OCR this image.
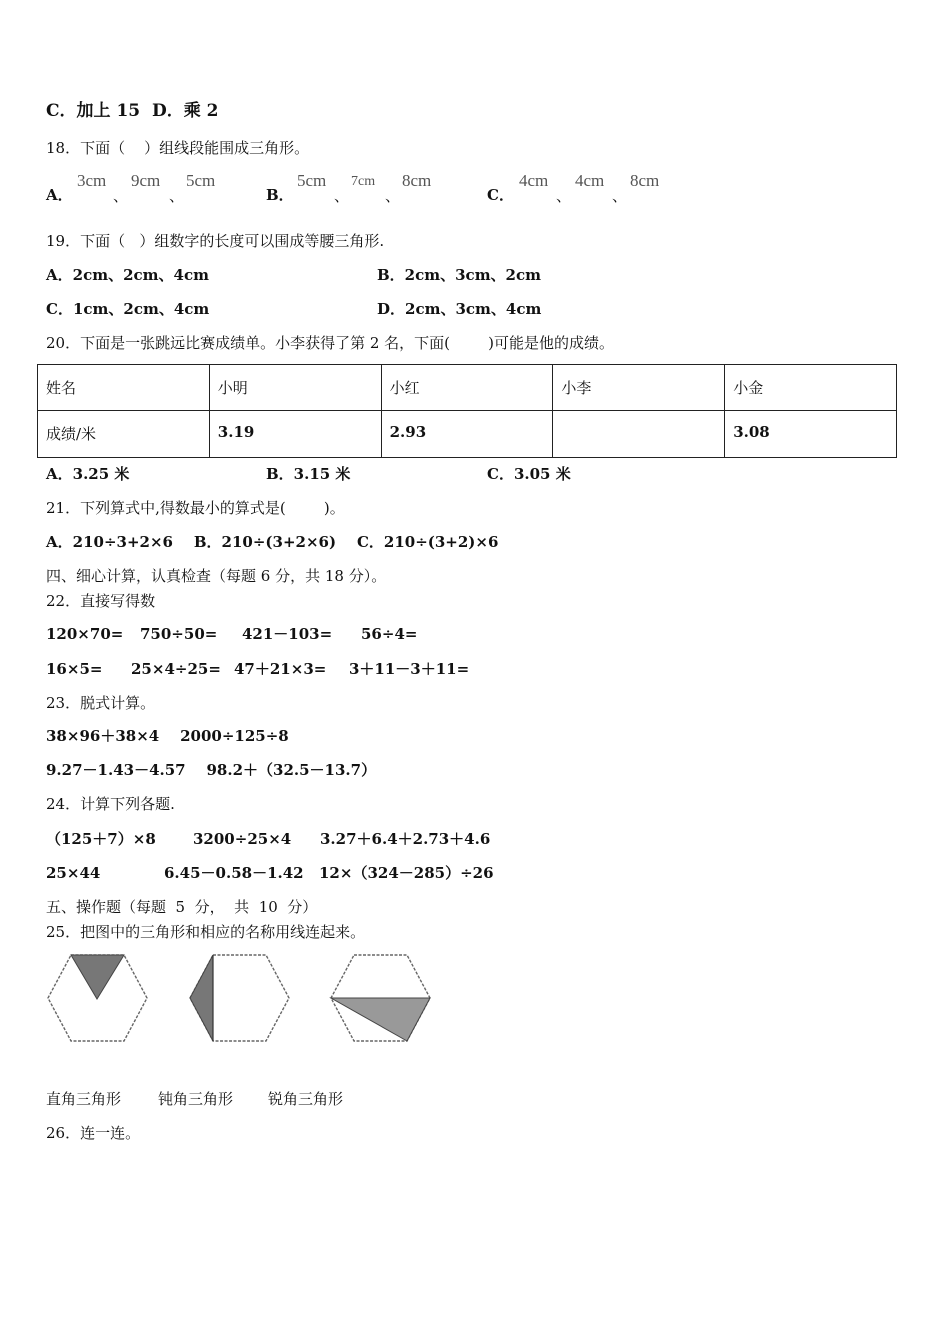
C．加上 15 D．乘 2
18．下面（    ）组线段能围成三角形。
A．
3cm
、
9cm
、
5cm
B．
5cm
、
7cm
、
8cm
C．
4cm
、
4cm
、
8cm
19．下面（   ）组数字的长度可以围成等腰三角形.
A．2cm、2cm、4cm	B．2cm、3cm、2cm
C．1cm、2cm、4cm	D．2cm、3cm、4cm
20．下面是一张跳远比赛成绩单。小李获得了第 2 名，下面(        )可能是他的成绩。
姓名	小明	小红	小李	小金
成绩/米	3.19	2.93		3.08
A．3.25 米	B．3.15 米	C．3.05 米
21．下列算式中,得数最小的算式是(        )。
A．210÷3+2×6    B．210÷(3+2×6)    C．210÷(3+2)×6
四、细心计算，认真检查（每题 6 分，共 18 分）。
22．直接写得数
120×70= 750÷50= 421－103= 56÷4=
16×5= 25×4÷25= 47＋21×3= 3＋11－3＋11=
23．脱式计算。
38×96＋38×4    2000÷125÷8
9.27－1.43－4.57    98.2＋（32.5－13.7）
24．计算下列各题.
（125＋7）×8 3200÷25×4 3.27＋6.4＋2.73＋4.6
25×44	6.45－0.58－1.42 12×（324－285）÷26
五、操作题（每题  5  分，  共  10  分）
25．把图中的三角形和相应的名称用线连起来。
直角三角形 钝角三角形 锐角三角形
26．连一连。
